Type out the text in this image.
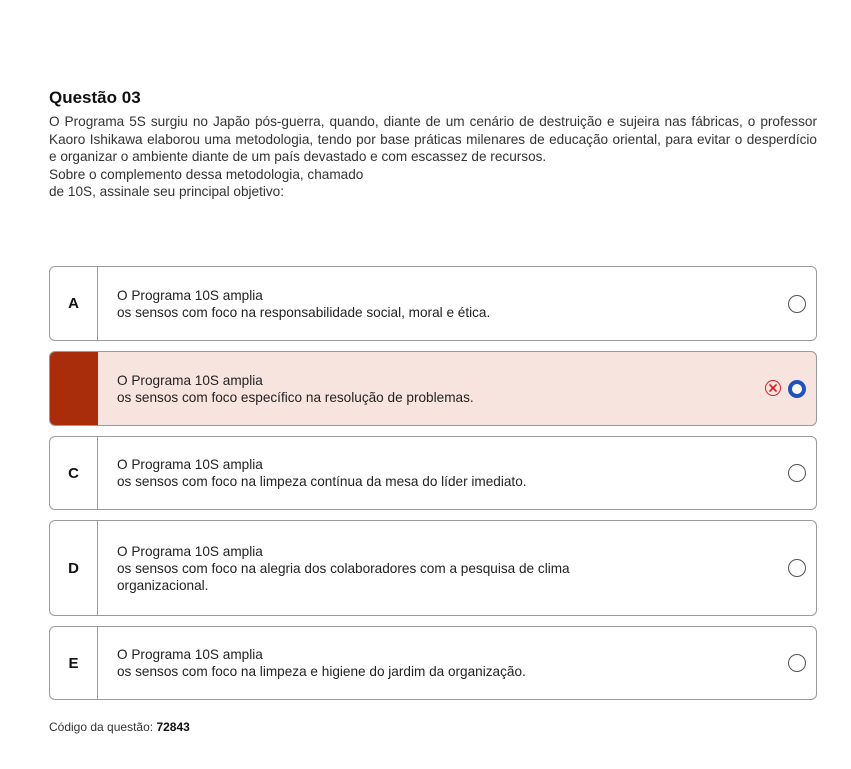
Questão 03

O Programa 5S surgiu no Japão pós-guerra, quando, diante de um cenário de destruição e sujeira nas fábricas, o professor Kaoro Ishikawa elaborou uma metodologia, tendo por base práticas milenares de educação oriental, para evitar o desperdício e organizar o ambiente diante de um país devastado e com escassez de recursos.

Sobre o complemento dessa metodologia, chamado

de 10S, assinale seu principal objetivo:

A	O Programa 10S amplia
os sensos com foco na responsabilidade social, moral e ética.
B	O Programa 10S amplia
os sensos com foco específico na resolução de problemas.
C	O Programa 10S amplia
os sensos com foco na limpeza contínua da mesa do líder imediato.
D
O Programa 10S amplia
os sensos com foco na alegria dos colaboradores com a pesquisa de clima
organizacional.
E	O Programa 10S amplia
os sensos com foco na limpeza e higiene do jardim da organização.
Código da questão: 72843
